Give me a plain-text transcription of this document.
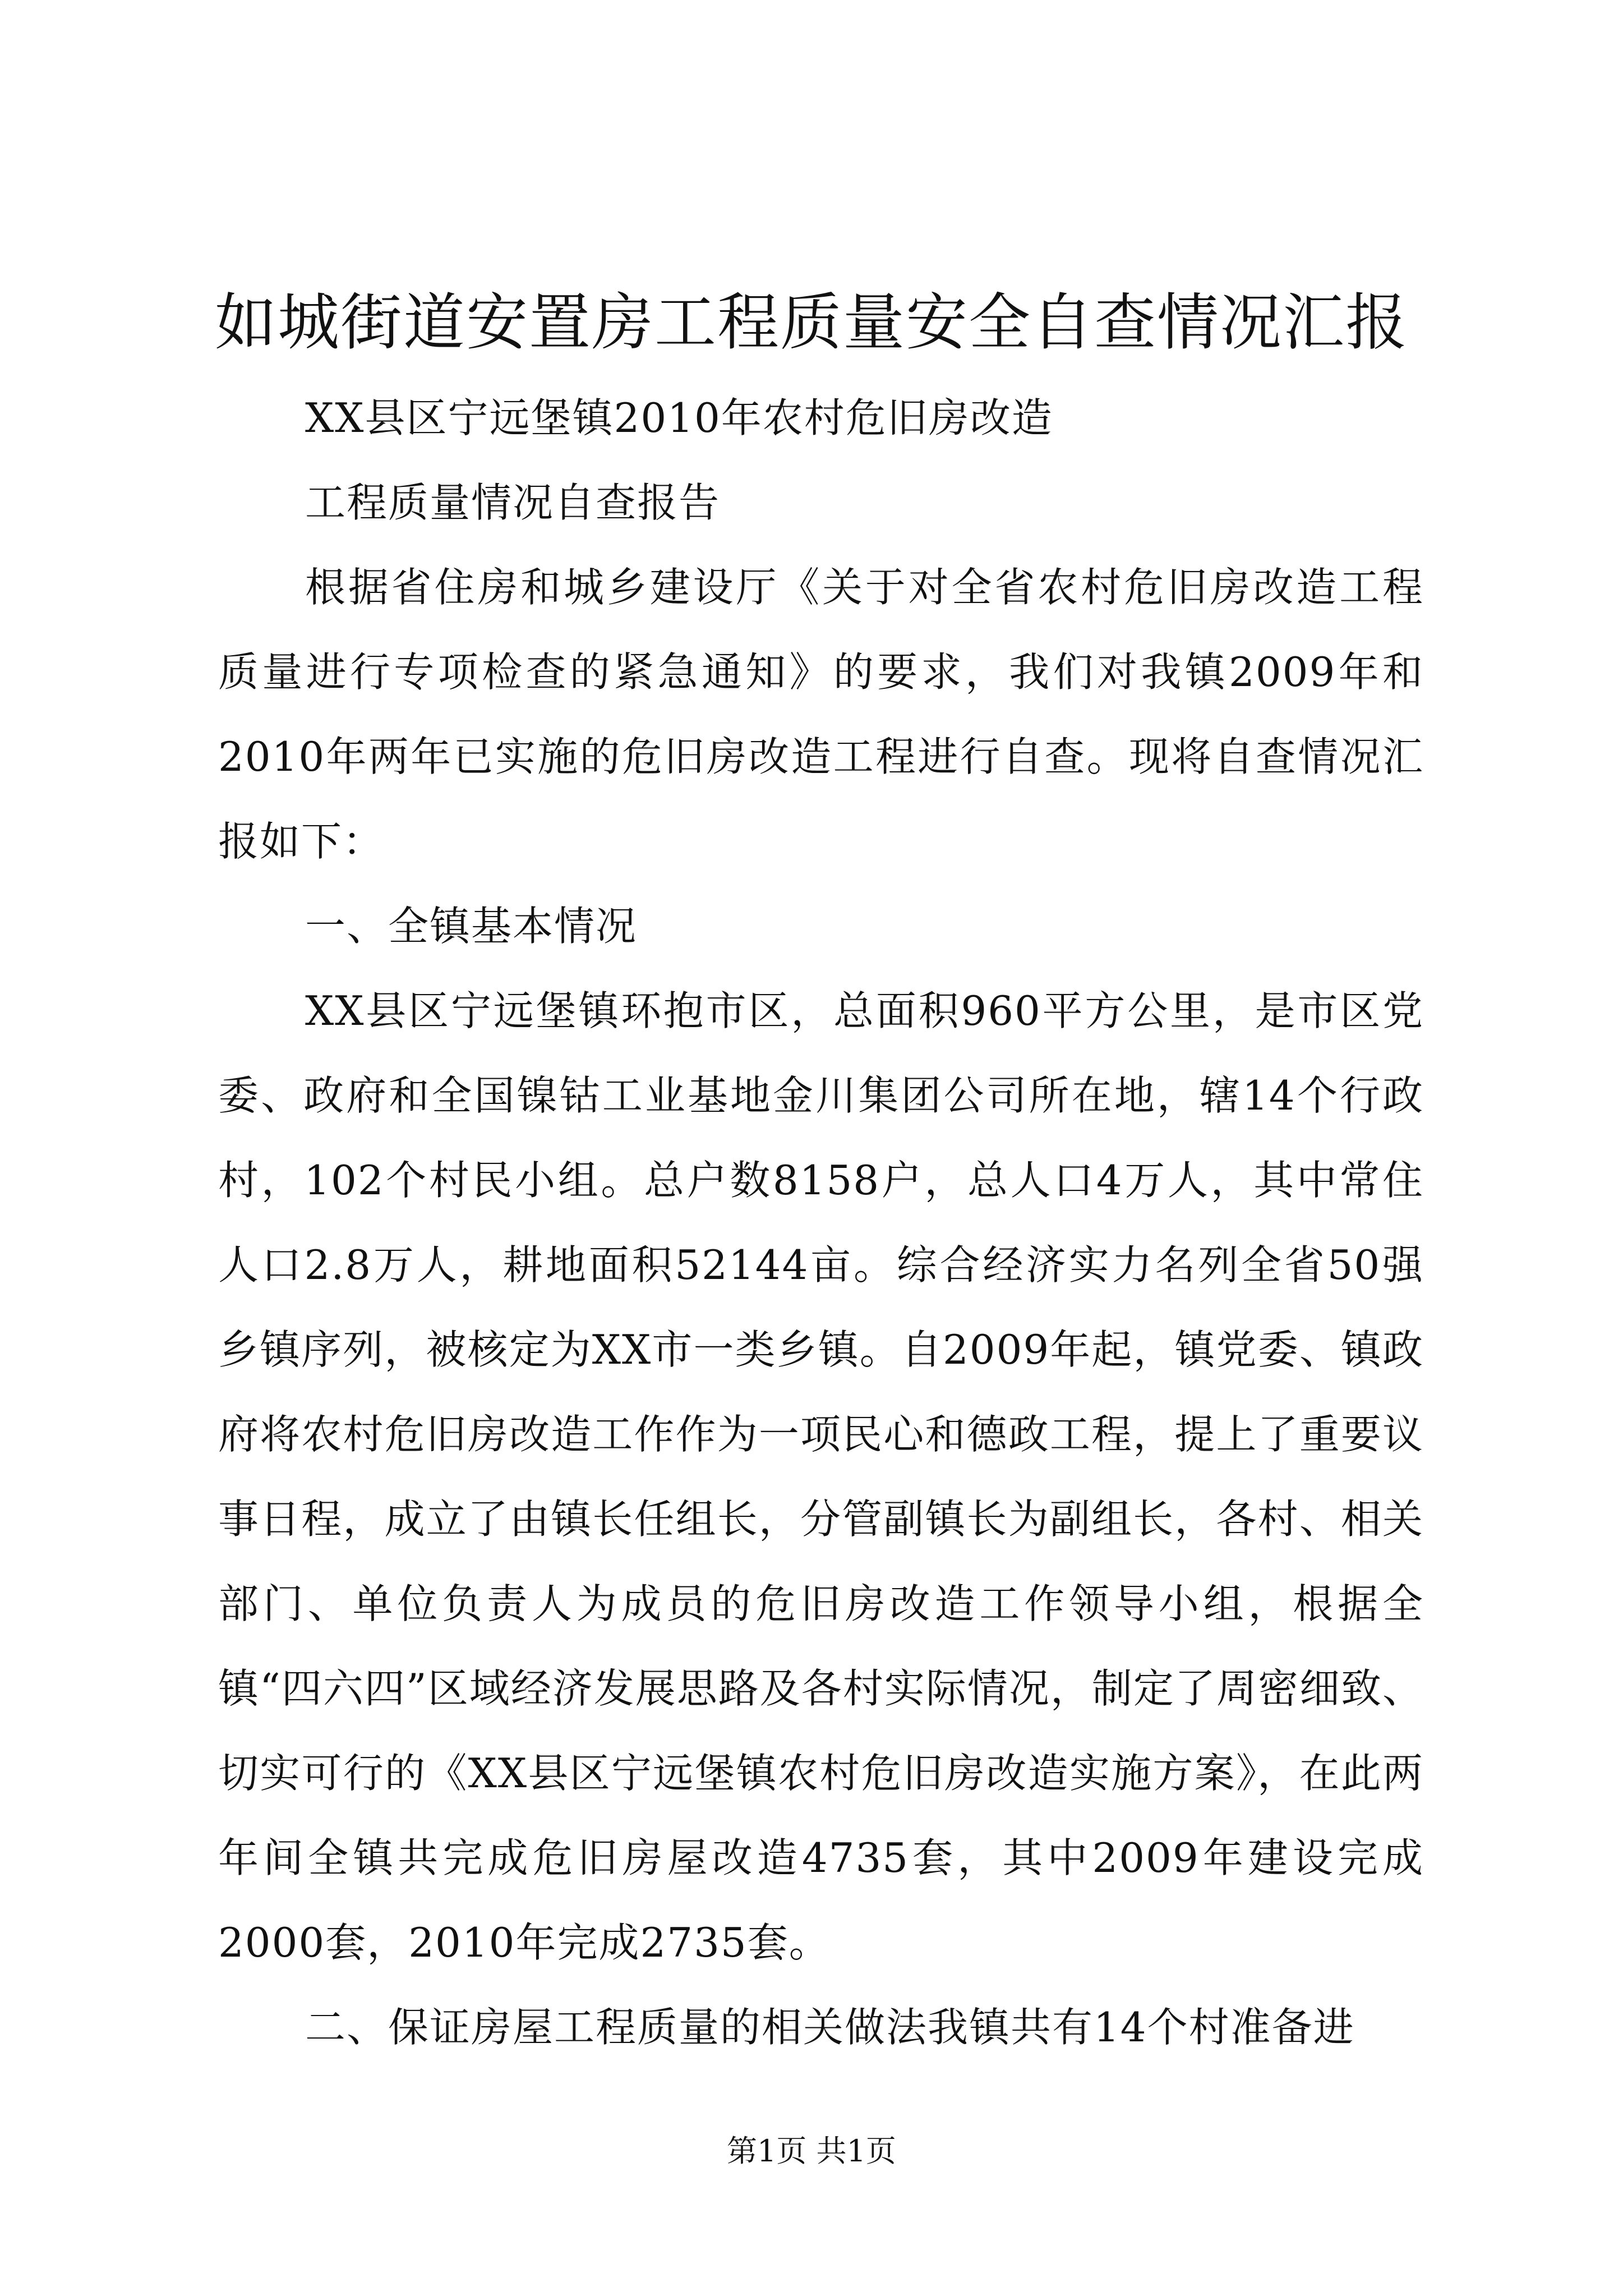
如城街道安置房工程质量安全自查情况汇报

XX县区宁远堡镇2010年农村危旧房改造

工程质量情况自查报告

根据省住房和城乡建设厅《关于对全省农村危旧房改造工程质量进行专项检查的紧急通知》的要求，我们对我镇2009年和2010年两年已实施的危旧房改造工程进行自查。现将自查情况汇报如下：

一、全镇基本情况

XX县区宁远堡镇环抱市区，总面积960平方公里，是市区党委、政府和全国镍钴工业基地金川集团公司所在地，辖14个行政村，102个村民小组。总户数8158户，总人口4万人，其中常住人口2.8万人，耕地面积52144亩。综合经济实力名列全省50强乡镇序列，被核定为XX市一类乡镇。自2009年起，镇党委、镇政府将农村危旧房改造工作作为一项民心和德政工程，提上了重要议事日程，成立了由镇长任组长，分管副镇长为副组长，各村、相关部门、单位负责人为成员的危旧房改造工作领导小组，根据全镇“四六四”区域经济发展思路及各村实际情况，制定了周密细致、切实可行的《XX县区宁远堡镇农村危旧房改造实施方案》，在此两年间全镇共完成危旧房屋改造4735套，其中2009年建设完成2000套，2010年完成2735套。

二、保证房屋工程质量的相关做法我镇共有14个村准备进

第1页 共1页
